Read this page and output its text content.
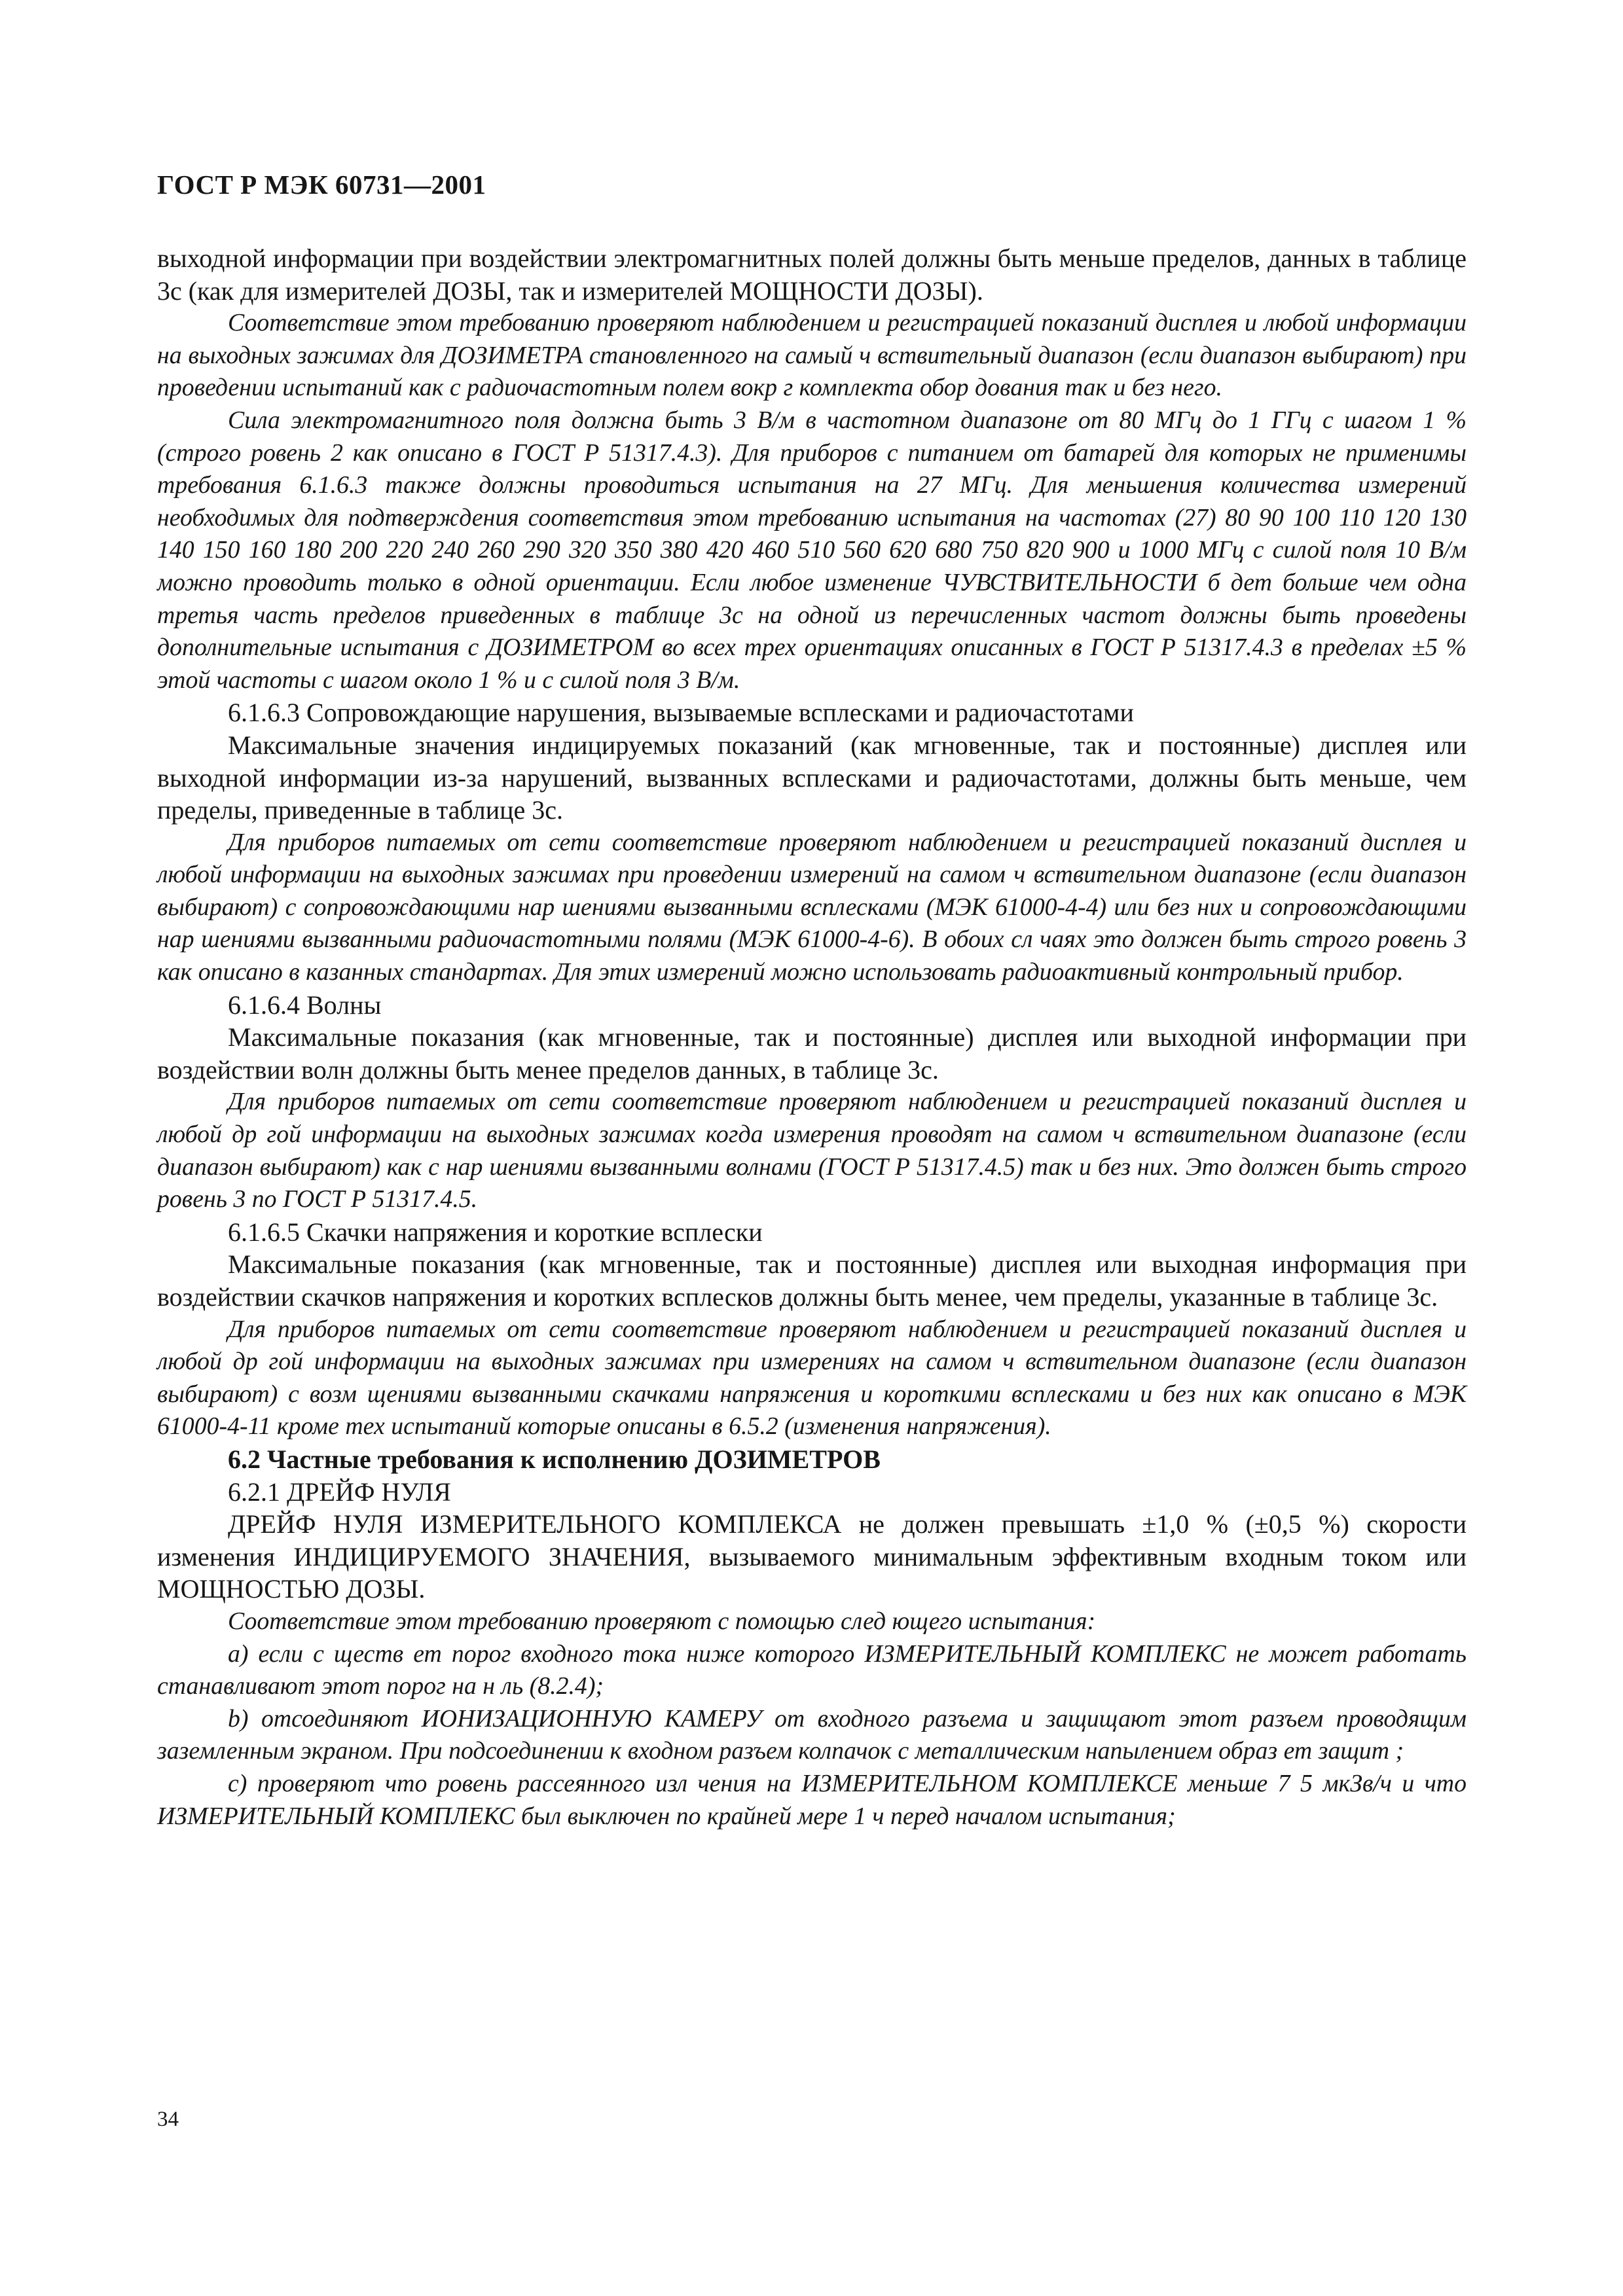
ГОСТ Р МЭК 60731—2001

выходной информации при воздействии электромагнитных полей должны быть меньше пределов, данных в таблице 3с (как для измерителей ДОЗЫ, так и измерителей МОЩНОСТИ ДОЗЫ).

Соответствие этом требованию проверяют наблюдением и регистрацией показаний дисплея и любой информации на выходных зажимах для ДОЗИМЕТРА становленного на самый ч вствительный диапазон (если диапазон выбирают) при проведении испытаний как с радиочастотным полем вокр г комплекта обор дования так и без него.

Сила электромагнитного поля должна быть 3 В/м в частотном диапазоне от 80 МГц до 1 ГГц с шагом 1 % (строго ровень 2 как описано в ГОСТ Р 51317.4.3). Для приборов с питанием от батарей для которых не применимы требования 6.1.6.3 также должны проводиться испытания на 27 МГц. Для меньшения количества измерений необходимых для подтверждения соответствия этом требованию испытания на частотах (27) 80 90 100 110 120 130 140 150 160 180 200 220 240 260 290 320 350 380 420 460 510 560 620 680 750 820 900 и 1000 МГц с силой поля 10 В/м можно проводить только в одной ориентации. Если любое изменение ЧУВСТВИТЕЛЬНОСТИ б дет больше чем одна третья часть пределов приведенных в таблице 3с на одной из перечисленных частот должны быть проведены дополнительные испытания с ДОЗИМЕТРОМ во всех трех ориентациях описанных в ГОСТ Р 51317.4.3 в пределах ±5 % этой частоты с шагом около 1 % и с силой поля 3 В/м.

6.1.6.3 Сопровождающие нарушения, вызываемые всплесками и радиочастотами

Максимальные значения индицируемых показаний (как мгновенные, так и постоянные) дисплея или выходной информации из-за нарушений, вызванных всплесками и радиочастотами, должны быть меньше, чем пределы, приведенные в таблице 3с.

Для приборов питаемых от сети соответствие проверяют наблюдением и регистрацией показаний дисплея и любой информации на выходных зажимах при проведении измерений на самом ч вствительном диапазоне (если диапазон выбирают) с сопровождающими нар шениями вызванными всплесками (МЭК 61000-4-4) или без них и сопровождающими нар шениями вызванными радиочастотными полями (МЭК 61000-4-6). В обоих сл чаях это должен быть строго ровень 3 как описано в казанных стандартах. Для этих измерений можно использовать радиоактивный контрольный прибор.

6.1.6.4 Волны

Максимальные показания (как мгновенные, так и постоянные) дисплея или выходной информации при воздействии волн должны быть менее пределов данных, в таблице 3с.

Для приборов питаемых от сети соответствие проверяют наблюдением и регистрацией показаний дисплея и любой др гой информации на выходных зажимах когда измерения проводят на самом ч вствительном диапазоне (если диапазон выбирают) как с нар шениями вызванными волнами (ГОСТ Р 51317.4.5) так и без них. Это должен быть строго ровень 3 по ГОСТ Р 51317.4.5.

6.1.6.5 Скачки напряжения и короткие всплески

Максимальные показания (как мгновенные, так и постоянные) дисплея или выходная информация при воздействии скачков напряжения и коротких всплесков должны быть менее, чем пределы, указанные в таблице 3с.

Для приборов питаемых от сети соответствие проверяют наблюдением и регистрацией показаний дисплея и любой др гой информации на выходных зажимах при измерениях на самом ч вствительном диапазоне (если диапазон выбирают) с возм щениями вызванными скачками напряжения и короткими всплесками и без них как описано в МЭК 61000-4-11 кроме тех испытаний которые описаны в 6.5.2 (изменения напряжения).

6.2 Частные требования к исполнению ДОЗИМЕТРОВ

6.2.1 ДРЕЙФ НУЛЯ

ДРЕЙФ НУЛЯ ИЗМЕРИТЕЛЬНОГО КОМПЛЕКСА не должен превышать ±1,0 % (±0,5 %) скорости изменения ИНДИЦИРУЕМОГО ЗНАЧЕНИЯ, вызываемого минимальным эффективным входным током или МОЩНОСТЬЮ ДОЗЫ.

Соответствие этом требованию проверяют с помощью след ющего испытания:

а) если с ществ ет порог входного тока ниже которого ИЗМЕРИТЕЛЬНЫЙ КОМПЛЕКС не может работать станавливают этот порог на н ль (8.2.4);

b) отсоединяют ИОНИЗАЦИОННУЮ КАМЕРУ от входного разъема и защищают этот разъем проводящим заземленным экраном. При подсоединении к входном разъем колпачок с металлическим напылением образ ет защит ;

с) проверяют что ровень рассеянного изл чения на ИЗМЕРИТЕЛЬНОМ КОМПЛЕКСЕ меньше 7 5 мкЗв/ч и что ИЗМЕРИТЕЛЬНЫЙ КОМПЛЕКС был выключен по крайней мере 1 ч перед началом испытания;

34
